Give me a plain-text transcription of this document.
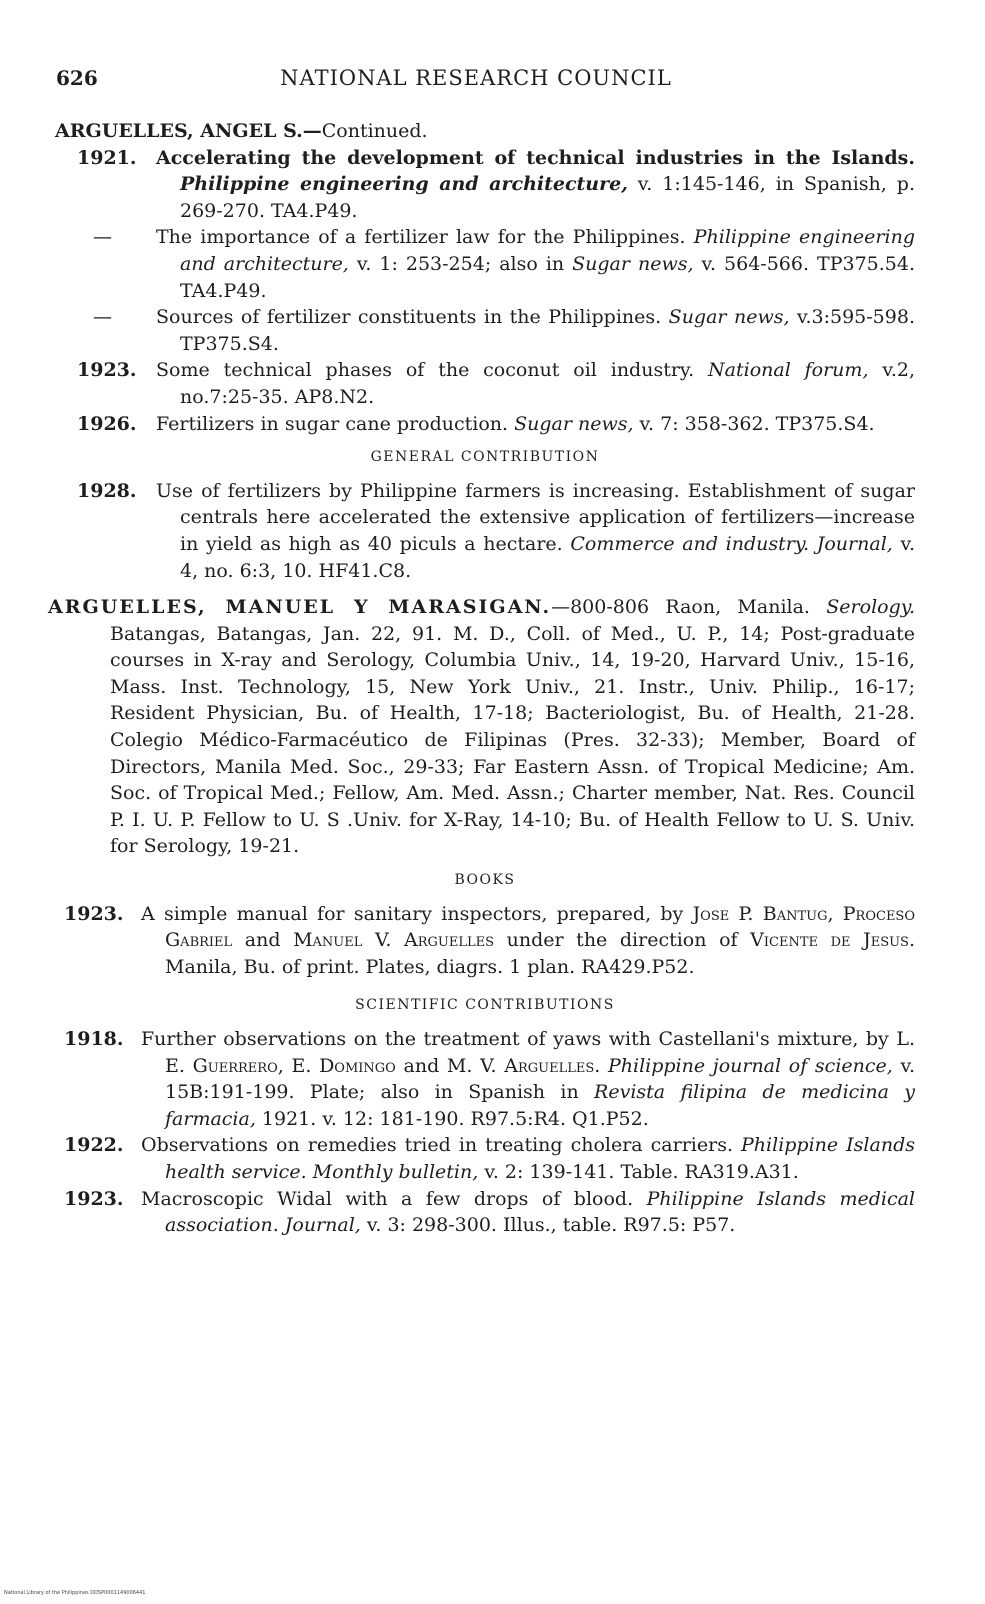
626	NATIONAL RESEARCH COUNCIL
ARGUELLES, ANGEL S.—Continued.
1921. Accelerating the development of technical industries in the Islands. Philippine engineering and architecture, v. 1:145-146, in Spanish, p. 269-270. TA4.P49.
— The importance of a fertilizer law for the Philippines. Philippine engineering and architecture, v. 1: 253-254; also in Sugar news, v. 564-566. TP375.54. TA4.P49.
— Sources of fertilizer constituents in the Philippines. Sugar news, v.3:595-598. TP375.S4.
1923. Some technical phases of the coconut oil industry. National forum, v.2, no.7:25-35. AP8.N2.
1926. Fertilizers in sugar cane production. Sugar news, v. 7: 358-362. TP375.S4.
GENERAL CONTRIBUTION
1928. Use of fertilizers by Philippine farmers is increasing. Establishment of sugar centrals here accelerated the extensive application of fertilizers—increase in yield as high as 40 piculs a hectare. Commerce and industry. Journal, v. 4, no. 6:3, 10. HF41.C8.
ARGUELLES, MANUEL Y MARASIGAN.—800-806 Raon, Manila. Serology. Batangas, Batangas, Jan. 22, 91. M. D., Coll. of Med., U. P., 14; Post-graduate courses in X-ray and Serology, Columbia Univ., 14, 19-20, Harvard Univ., 15-16, Mass. Inst. Technology, 15, New York Univ., 21. Instr., Univ. Philip., 16-17; Resident Physician, Bu. of Health, 17-18; Bacteriologist, Bu. of Health, 21-28. Colegio Médico-Farmacéutico de Filipinas (Pres. 32-33); Member, Board of Directors, Manila Med. Soc., 29-33; Far Eastern Assn. of Tropical Medicine; Am. Soc. of Tropical Med.; Fellow, Am. Med. Assn.; Charter member, Nat. Res. Council P. I. U. P. Fellow to U. S .Univ. for X-Ray, 14-10; Bu. of Health Fellow to U. S. Univ. for Serology, 19-21.
BOOKS
1923. A simple manual for sanitary inspectors, prepared, by Jose P. Bantug, Proceso Gabriel and Manuel V. Arguelles under the direction of Vicente de Jesus. Manila, Bu. of print. Plates, diagrs. 1 plan. RA429.P52.
SCIENTIFIC CONTRIBUTIONS
1918. Further observations on the treatment of yaws with Castellani's mixture, by L. E. Guerrero, E. Domingo and M. V. Arguelles. Philippine journal of science, v. 15B:191-199. Plate; also in Spanish in Revista filipina de medicina y farmacia, 1921. v. 12: 181-190. R97.5:R4. Q1.P52.
1922. Observations on remedies tried in treating cholera carriers. Philippine Islands health service. Monthly bulletin, v. 2: 139-141. Table. RA319.A31.
1923. Macroscopic Widal with a few drops of blood. Philippine Islands medical association. Journal, v. 3: 298-300. Illus., table. R97.5: P57.
National Library of the Philippines DDSP0001149006441
